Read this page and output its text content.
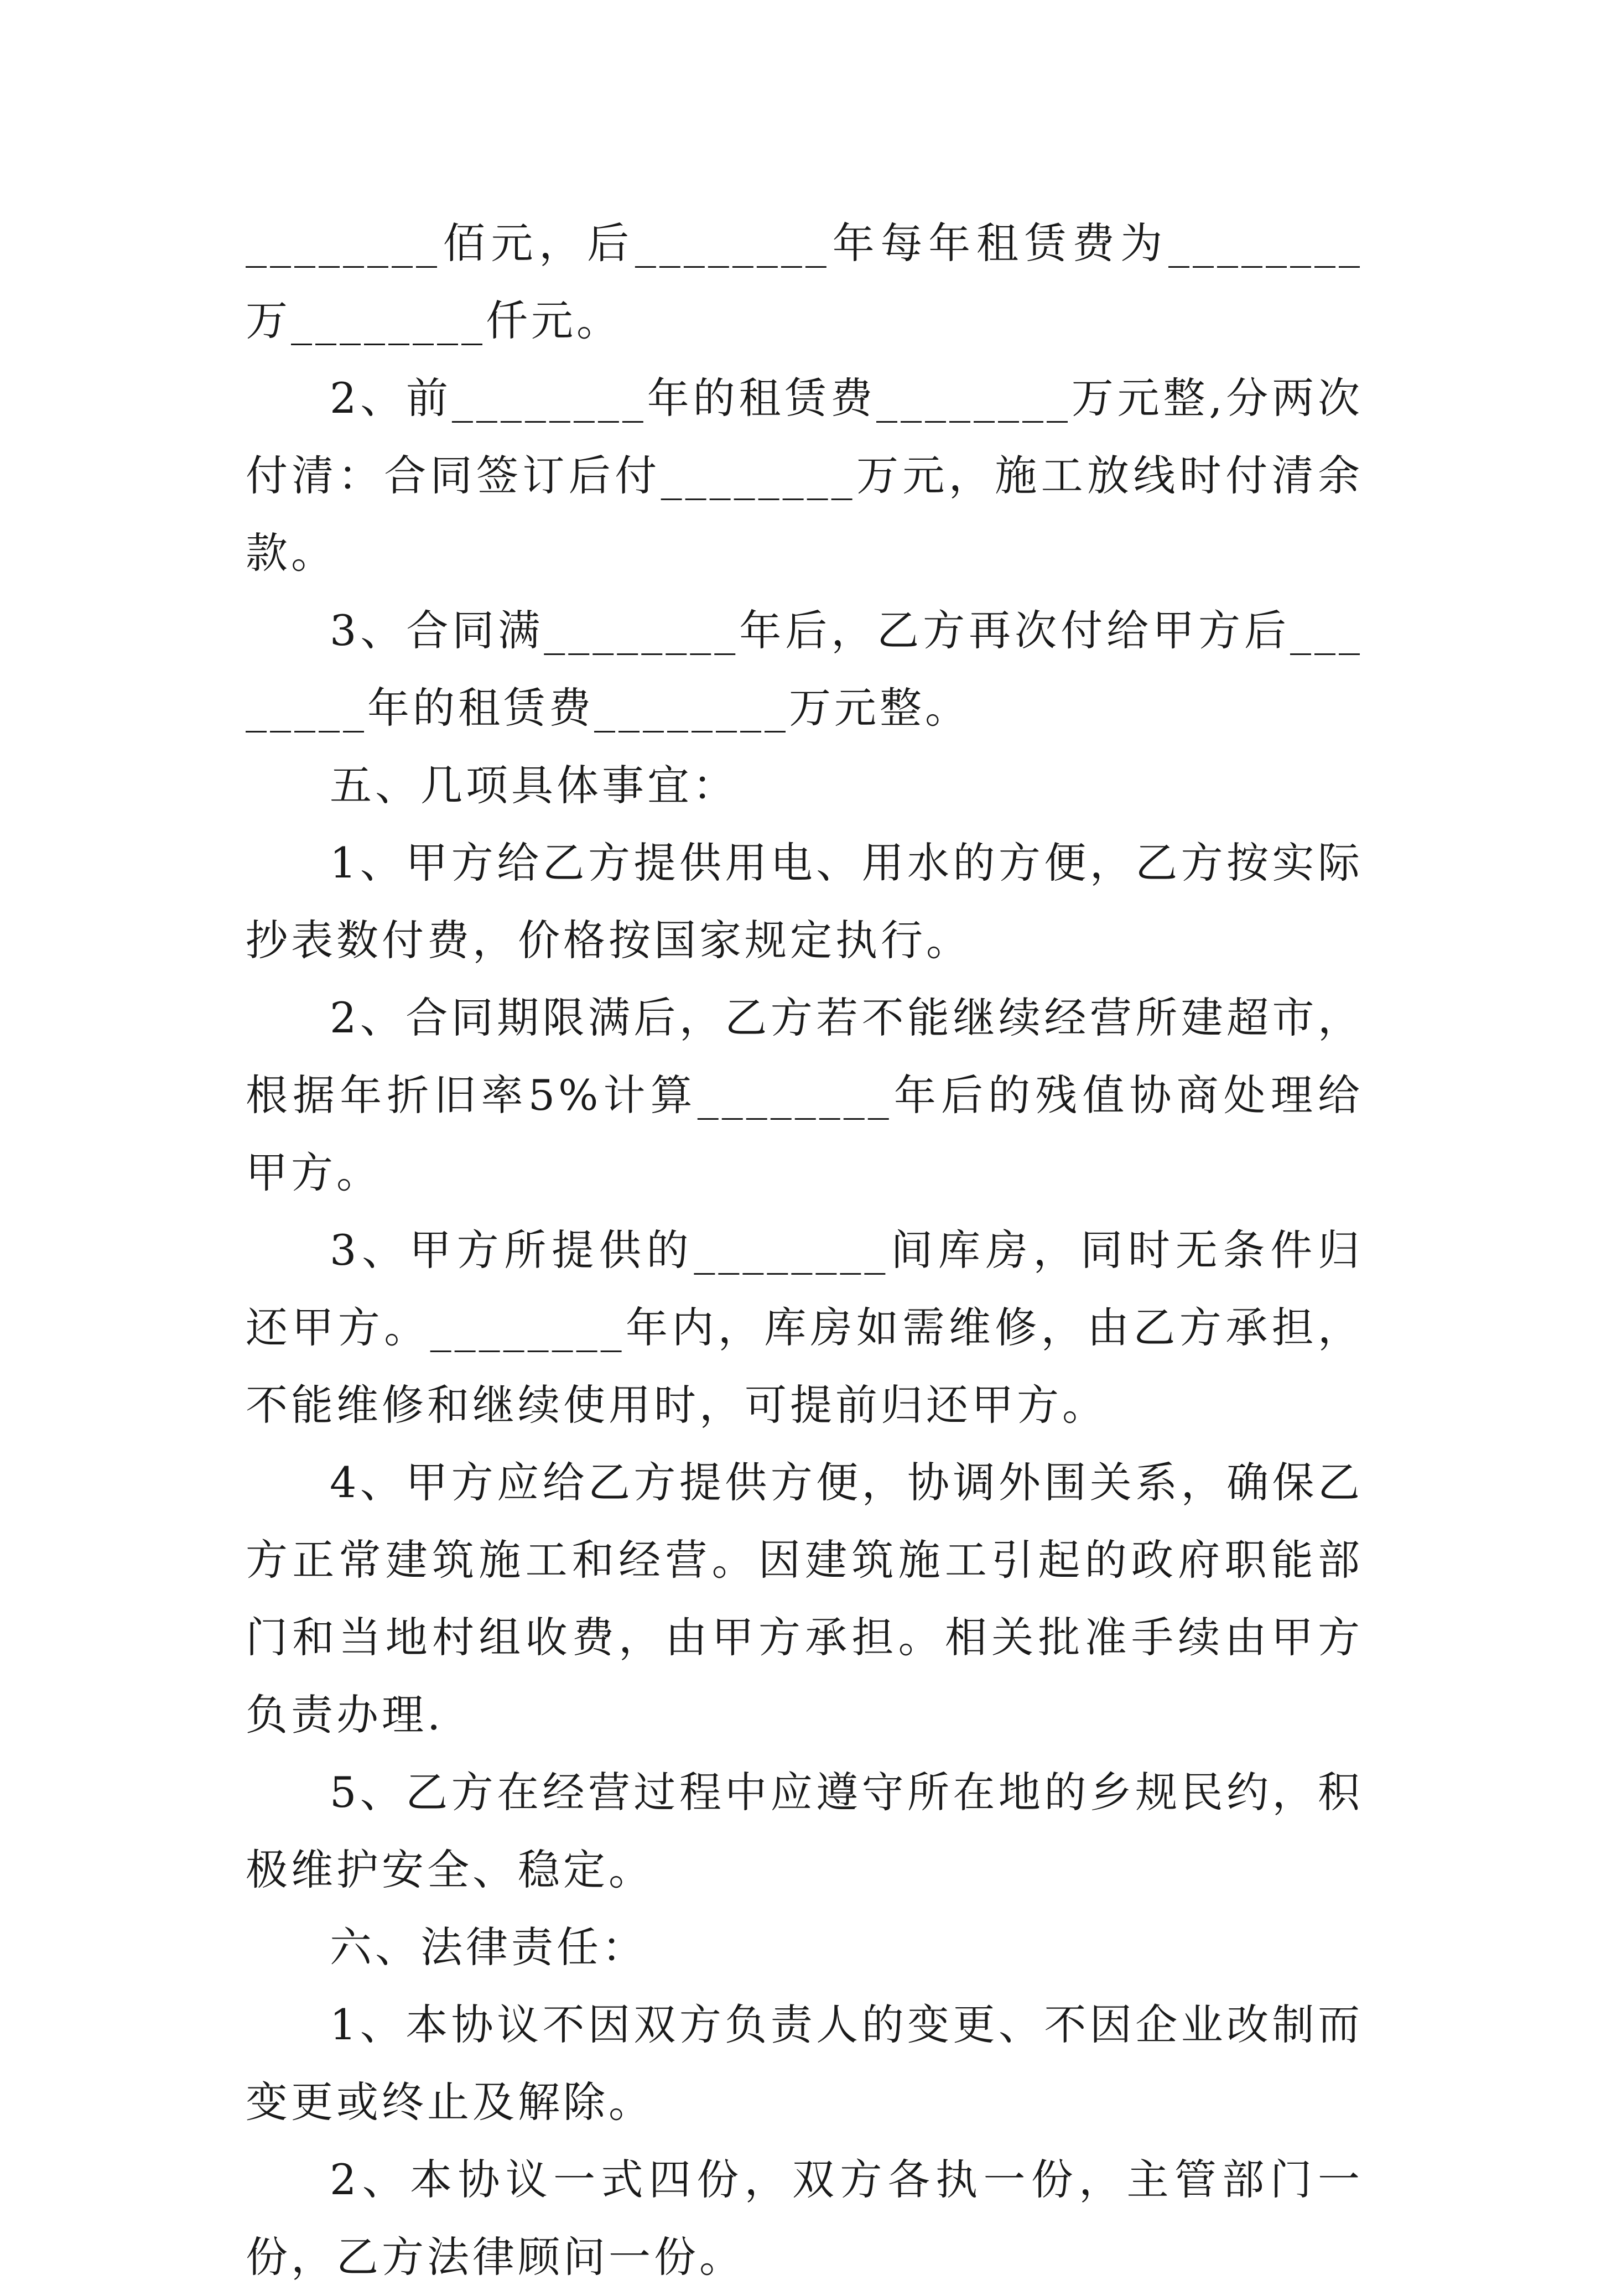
________佰元，后________年每年租赁费为________万________仟元。

2、前________年的租赁费________万元整,分两次付清：合同签订后付________万元，施工放线时付清余款。

3、合同满________年后，乙方再次付给甲方后________年的租赁费________万元整。

五、几项具体事宜：

1、甲方给乙方提供用电、用水的方便，乙方按实际抄表数付费，价格按国家规定执行。

2、合同期限满后，乙方若不能继续经营所建超市，根据年折旧率5%计算________年后的残值协商处理给甲方。

3、甲方所提供的________间库房，同时无条件归还甲方。________年内，库房如需维修，由乙方承担，不能维修和继续使用时，可提前归还甲方。

4、甲方应给乙方提供方便，协调外围关系，确保乙方正常建筑施工和经营。因建筑施工引起的政府职能部门和当地村组收费，由甲方承担。相关批准手续由甲方负责办理.

5、乙方在经营过程中应遵守所在地的乡规民约，积极维护安全、稳定。

六、法律责任：

1、本协议不因双方负责人的变更、不因企业改制而变更或终止及解除。

2、本协议一式四份，双方各执一份，主管部门一份，乙方法律顾问一份。
